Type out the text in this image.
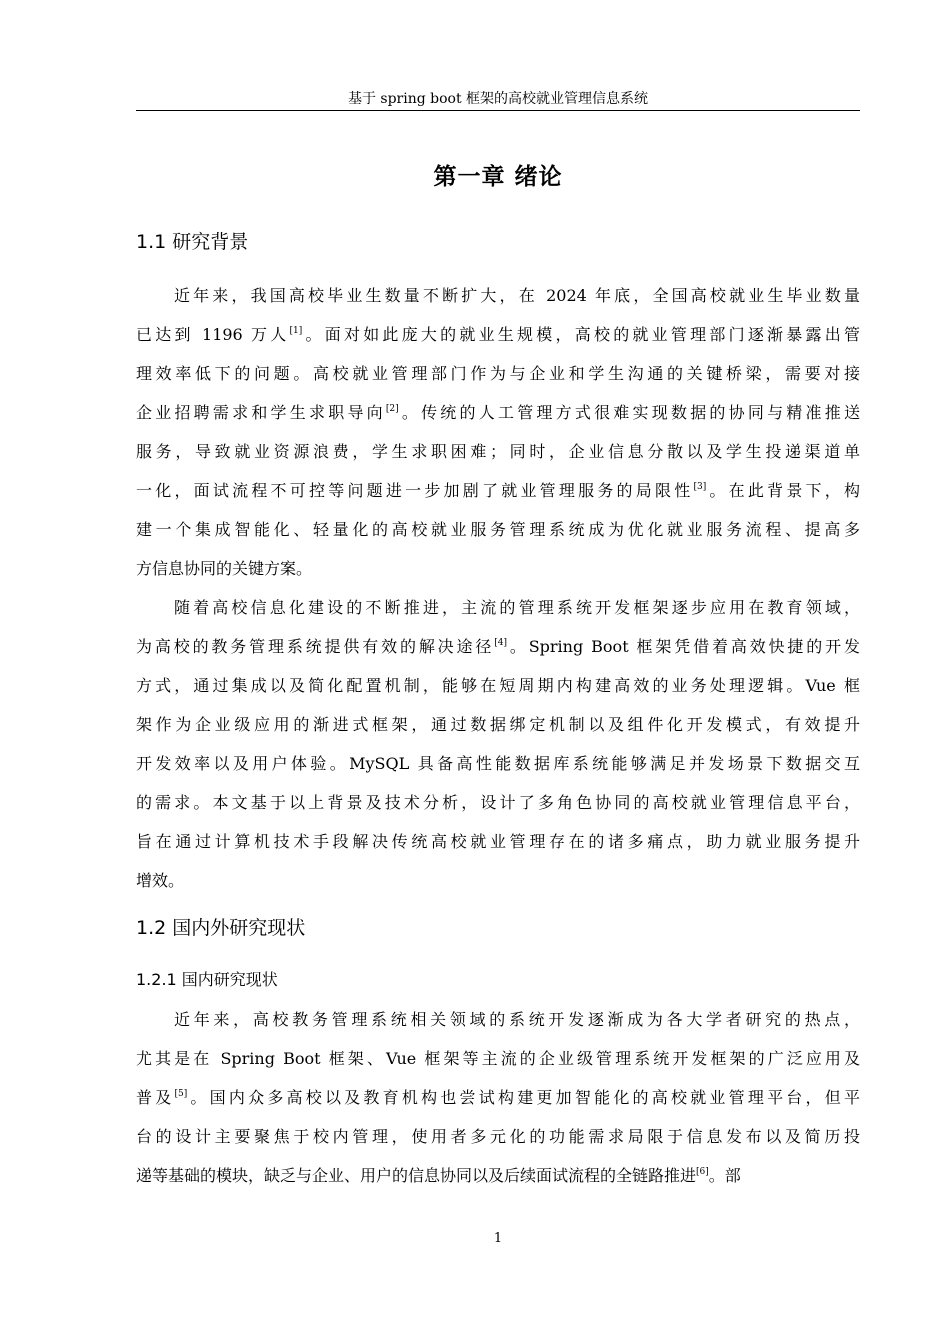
基于 spring boot 框架的高校就业管理信息系统
第一章 绪论
1.1 研究背景
近年来，我国高校毕业生数量不断扩大，在 2024 年底，全国高校就业生毕业数量
已达到 1196 万人[1]。面对如此庞大的就业生规模，高校的就业管理部门逐渐暴露出管
理效率低下的问题。高校就业管理部门作为与企业和学生沟通的关键桥梁，需要对接
企业招聘需求和学生求职导向[2]。传统的人工管理方式很难实现数据的协同与精准推送
服务，导致就业资源浪费，学生求职困难；同时，企业信息分散以及学生投递渠道单
一化，面试流程不可控等问题进一步加剧了就业管理服务的局限性[3]。在此背景下，构
建一个集成智能化、轻量化的高校就业服务管理系统成为优化就业服务流程、提高多
方信息协同的关键方案。
随着高校信息化建设的不断推进，主流的管理系统开发框架逐步应用在教育领域，
为高校的教务管理系统提供有效的解决途径[4]。Spring Boot 框架凭借着高效快捷的开发
方式，通过集成以及简化配置机制，能够在短周期内构建高效的业务处理逻辑。Vue 框
架作为企业级应用的渐进式框架，通过数据绑定机制以及组件化开发模式，有效提升
开发效率以及用户体验。MySQL 具备高性能数据库系统能够满足并发场景下数据交互
的需求。本文基于以上背景及技术分析，设计了多角色协同的高校就业管理信息平台，
旨在通过计算机技术手段解决传统高校就业管理存在的诸多痛点，助力就业服务提升
增效。
1.2 国内外研究现状
1.2.1 国内研究现状
近年来，高校教务管理系统相关领域的系统开发逐渐成为各大学者研究的热点，
尤其是在 Spring Boot 框架、Vue 框架等主流的企业级管理系统开发框架的广泛应用及
普及[5]。国内众多高校以及教育机构也尝试构建更加智能化的高校就业管理平台，但平
台的设计主要聚焦于校内管理，使用者多元化的功能需求局限于信息发布以及简历投
递等基础的模块，缺乏与企业、用户的信息协同以及后续面试流程的全链路推进[6]。部
1
